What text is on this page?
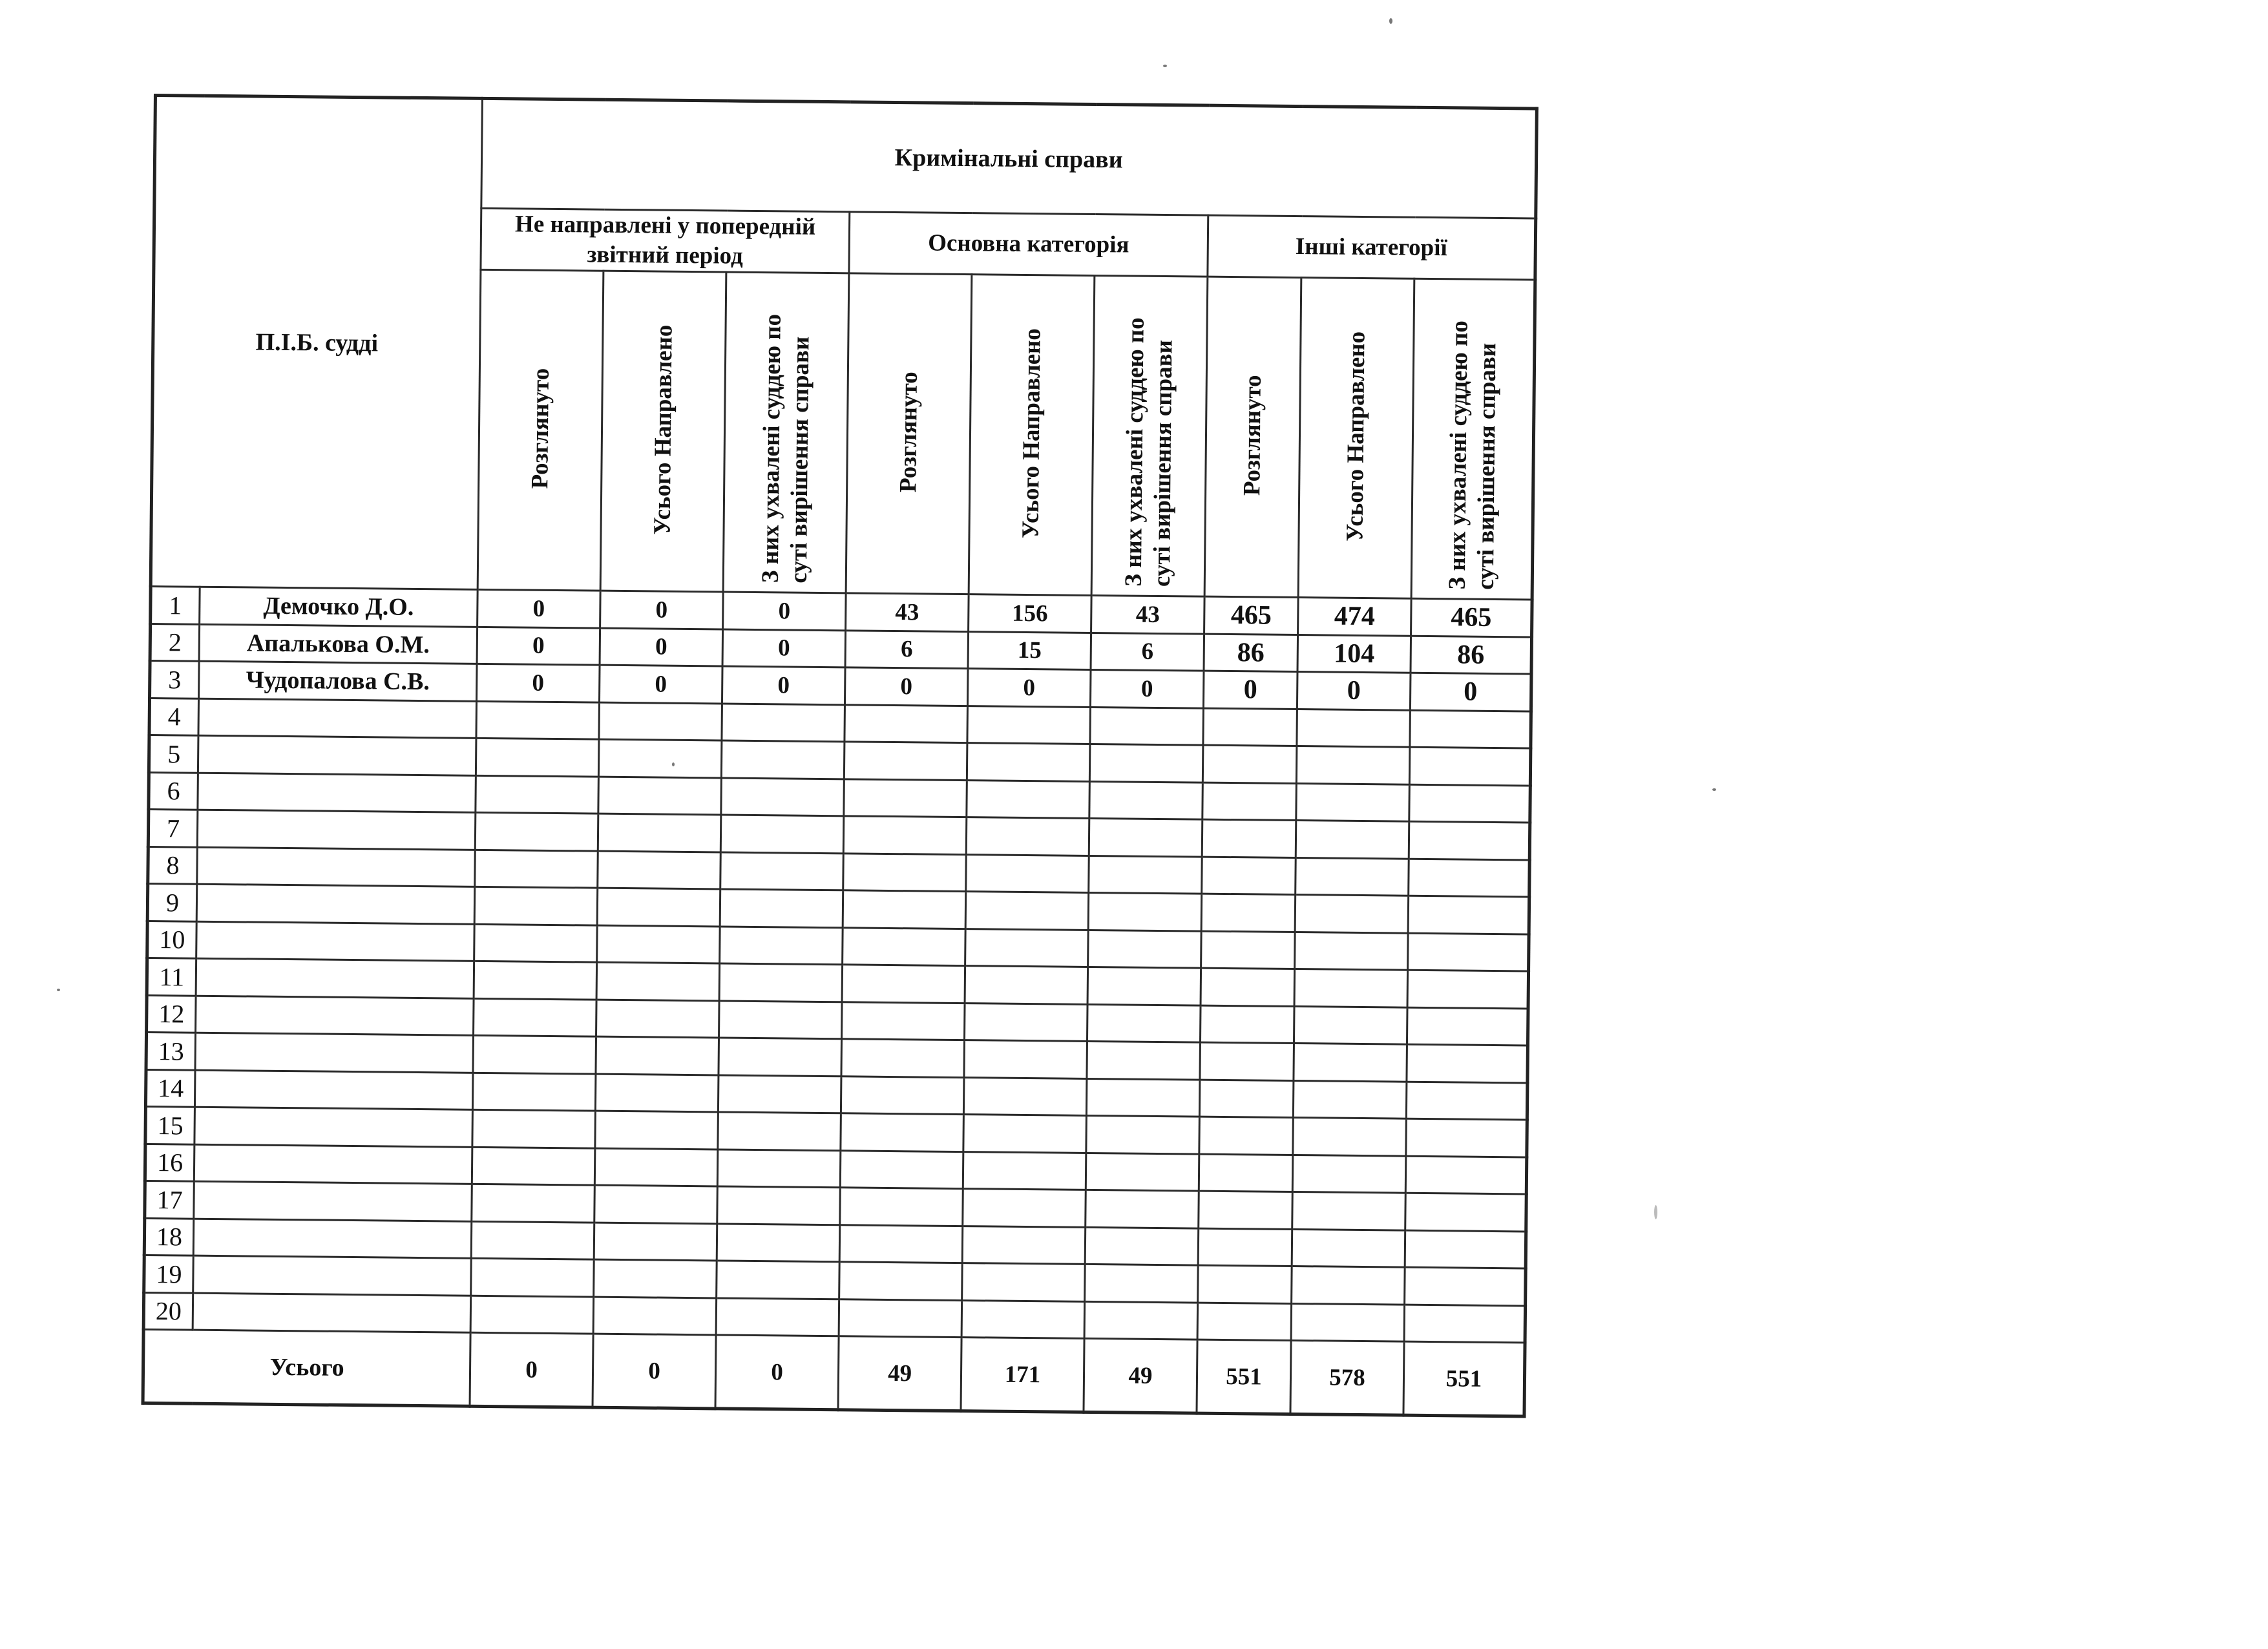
П.І.Б. судді		Кримінальні справи								
		Не направлені у попередній звітний період			Основна категорія			Інші категорії		
		Розглянуто	Усього Направлено	З них ухвалені суддею по суті вирішення справи	Розглянуто	Усього Направлено	З них ухвалені суддею по суті вирішення справи	Розглянуто	Усього Направлено	З них ухвалені суддею по суті вирішення справи
1	Демочко Д.О.	0	0	0	43	156	43	465	474	465
2	Апалькова О.М.	0	0	0	6	15	6	86	104	86
3	Чудопалова С.В.	0	0	0	0	0	0	0	0	0
4										
5										
6										
7										
8										
9										
10										
11										
12										
13										
14										
15										
16										
17										
18										
19										
20										
Усього		0	0	0	49	171	49	551	578	551
